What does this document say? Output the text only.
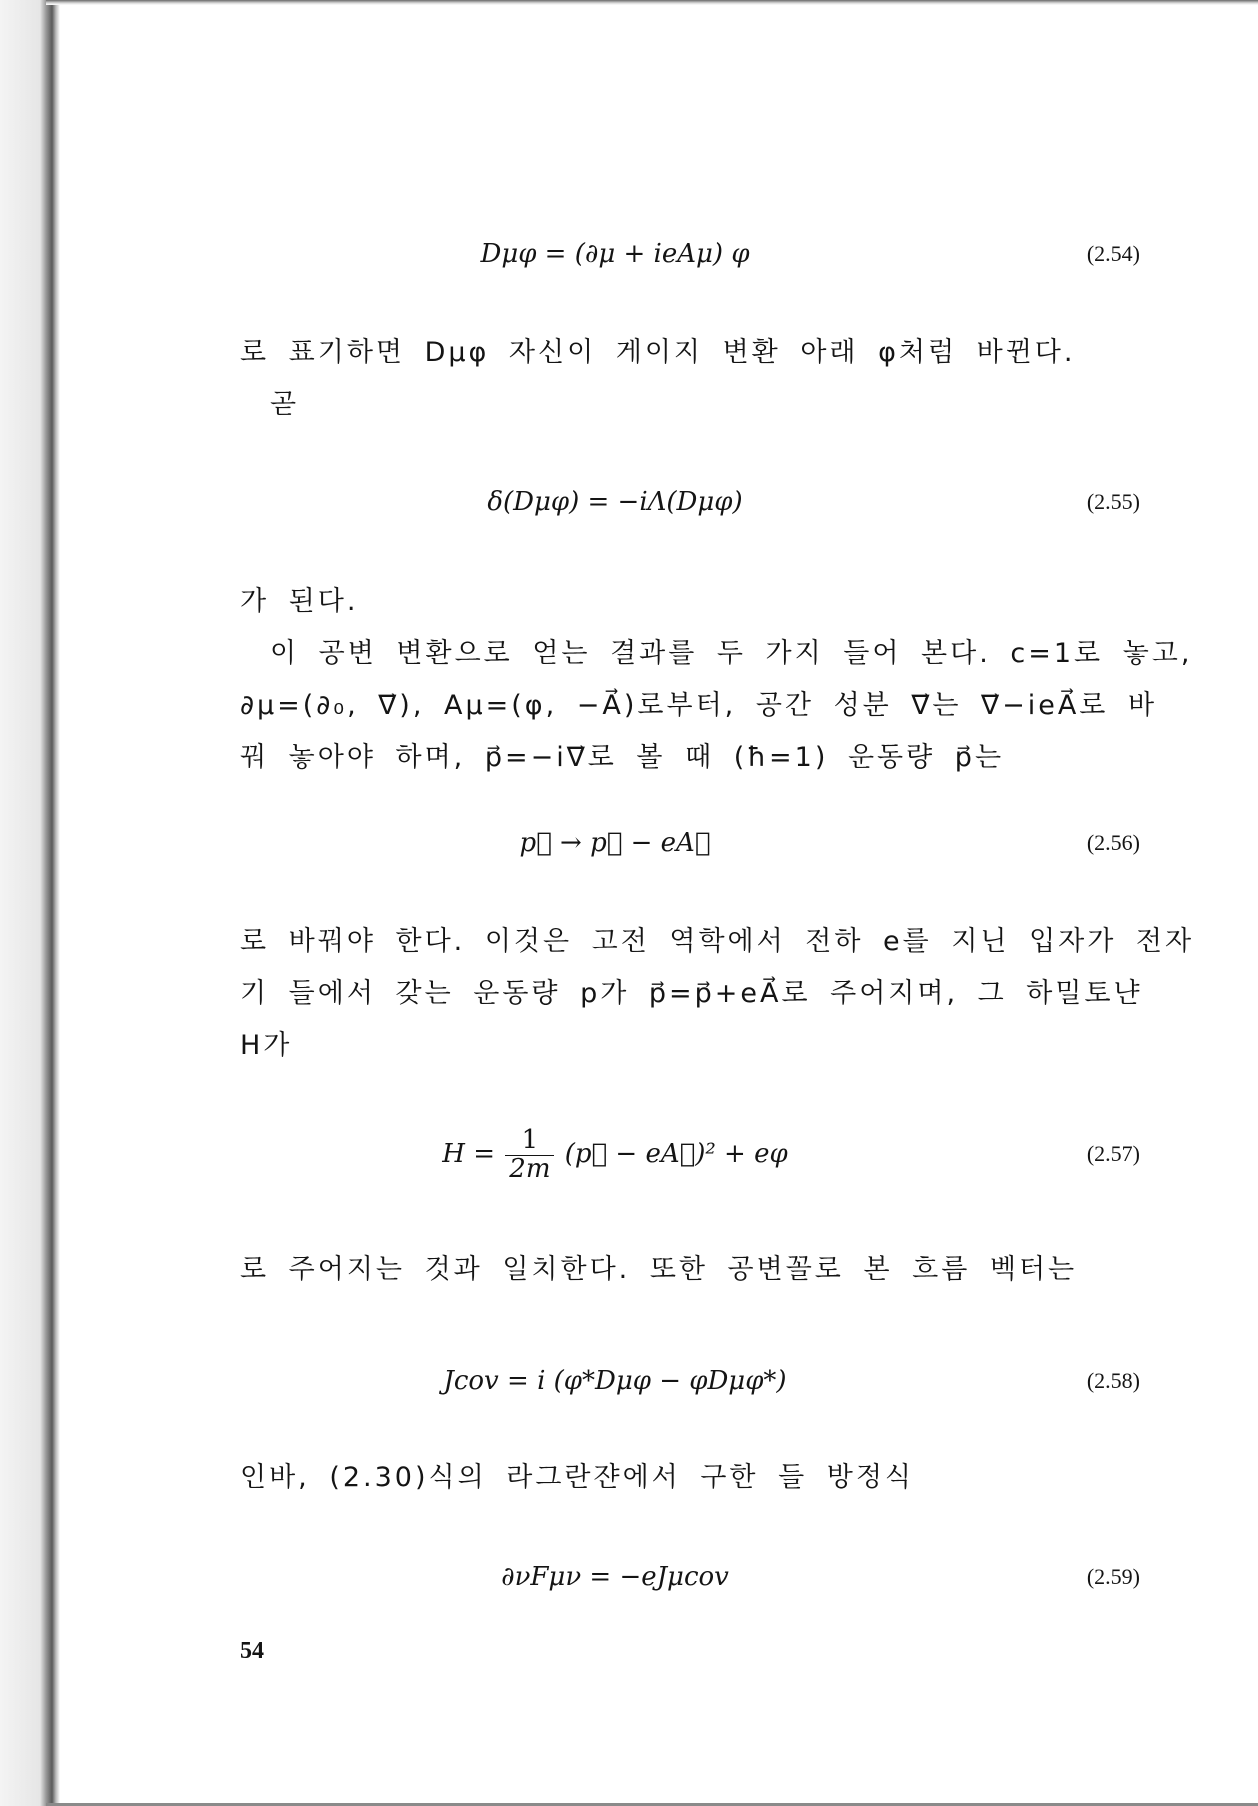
Dμφ = (∂μ + ieAμ) φ	(2.54)
로 표기하면 Dμφ 자신이 게이지 변환 아래 φ처럼 바뀐다.
곧
δ(Dμφ) = −iΛ(Dμφ)	(2.55)
가 된다.
이 공변 변환으로 얻는 결과를 두 가지 들어 본다. c=1로 놓고,
∂μ=(∂₀, ∇⃗), Aμ=(φ, −A⃗)로부터, 공간 성분 ∇⃗는 ∇⃗−ieA⃗로 바
꿔 놓아야 하며, p⃗=−i∇⃗로 볼 때 (ħ=1) 운동량 p⃗는
p⃗ → p⃗ − eA⃗	(2.56)
로 바꿔야 한다. 이것은 고전 역학에서 전하 e를 지닌 입자가 전자
기 들에서 갖는 운동량 p가 p⃗=p⃗+eA⃗로 주어지며, 그 하밀토냔
H가
$H = \frac{1}{2m}$ (p⃗ − eA⃗)² + eφ	(2.57)
로 주어지는 것과 일치한다. 또한 공변꼴로 본 흐름 벡터는
Jcov = i (φ*Dμφ − φDμφ*)	(2.58)
인바, (2.30)식의 라그란쟌에서 구한 들 방정식
∂νFμν = −eJμcov	(2.59)
54
